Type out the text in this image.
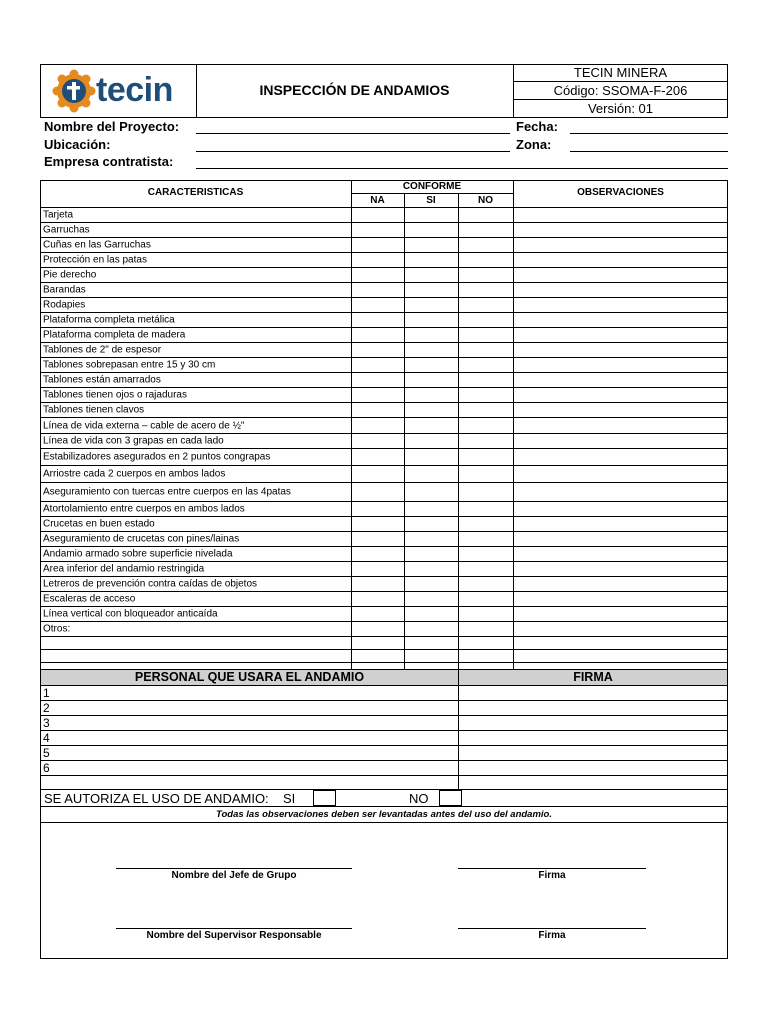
tecin	INSPECCIÓN DE ANDAMIOS
TECIN MINERA
Código: SSOMA-F-206
Versión: 01
Nombre del Proyecto:	Fecha:
Ubicación:	Zona:
Empresa contratista:
CARACTERISTICAS
CONFORME
NA	SI	NO
OBSERVACIONES
Tarjeta
Garruchas
Cuñas en las Garruchas
Protección en las patas
Pie derecho
Barandas
Rodapies
Plataforma completa metálica
Plataforma completa de madera
Tablones de 2" de espesor
Tablones sobrepasan entre 15 y 30 cm
Tablones están amarrados
Tablones tienen ojos o rajaduras
Tablones tienen clavos
Línea de vida externa – cable de acero de ½"
Línea de vida con 3 grapas en cada lado
Estabilizadores asegurados en 2 puntos congrapas
Arriostre cada 2 cuerpos en ambos lados
Aseguramiento con tuercas entre cuerpos en las 4patas
Atortolamiento entre cuerpos en ambos lados
Crucetas en buen estado
Aseguramiento de crucetas con pines/lainas
Andamio armado sobre superficie nivelada
Area inferior del andamio restringida
Letreros de prevención contra caídas de objetos
Escaleras de acceso
Línea vertical con bloqueador anticaída
Otros:
PERSONAL QUE USARA EL ANDAMIO	FIRMA
1
2
3
4
5
6
SE AUTORIZA EL USO DE ANDAMIO: SI	NO
Todas las observaciones deben ser levantadas antes del uso del andamio.
Nombre del Jefe de Grupo	Firma
Nombre del Supervisor Responsable	Firma
